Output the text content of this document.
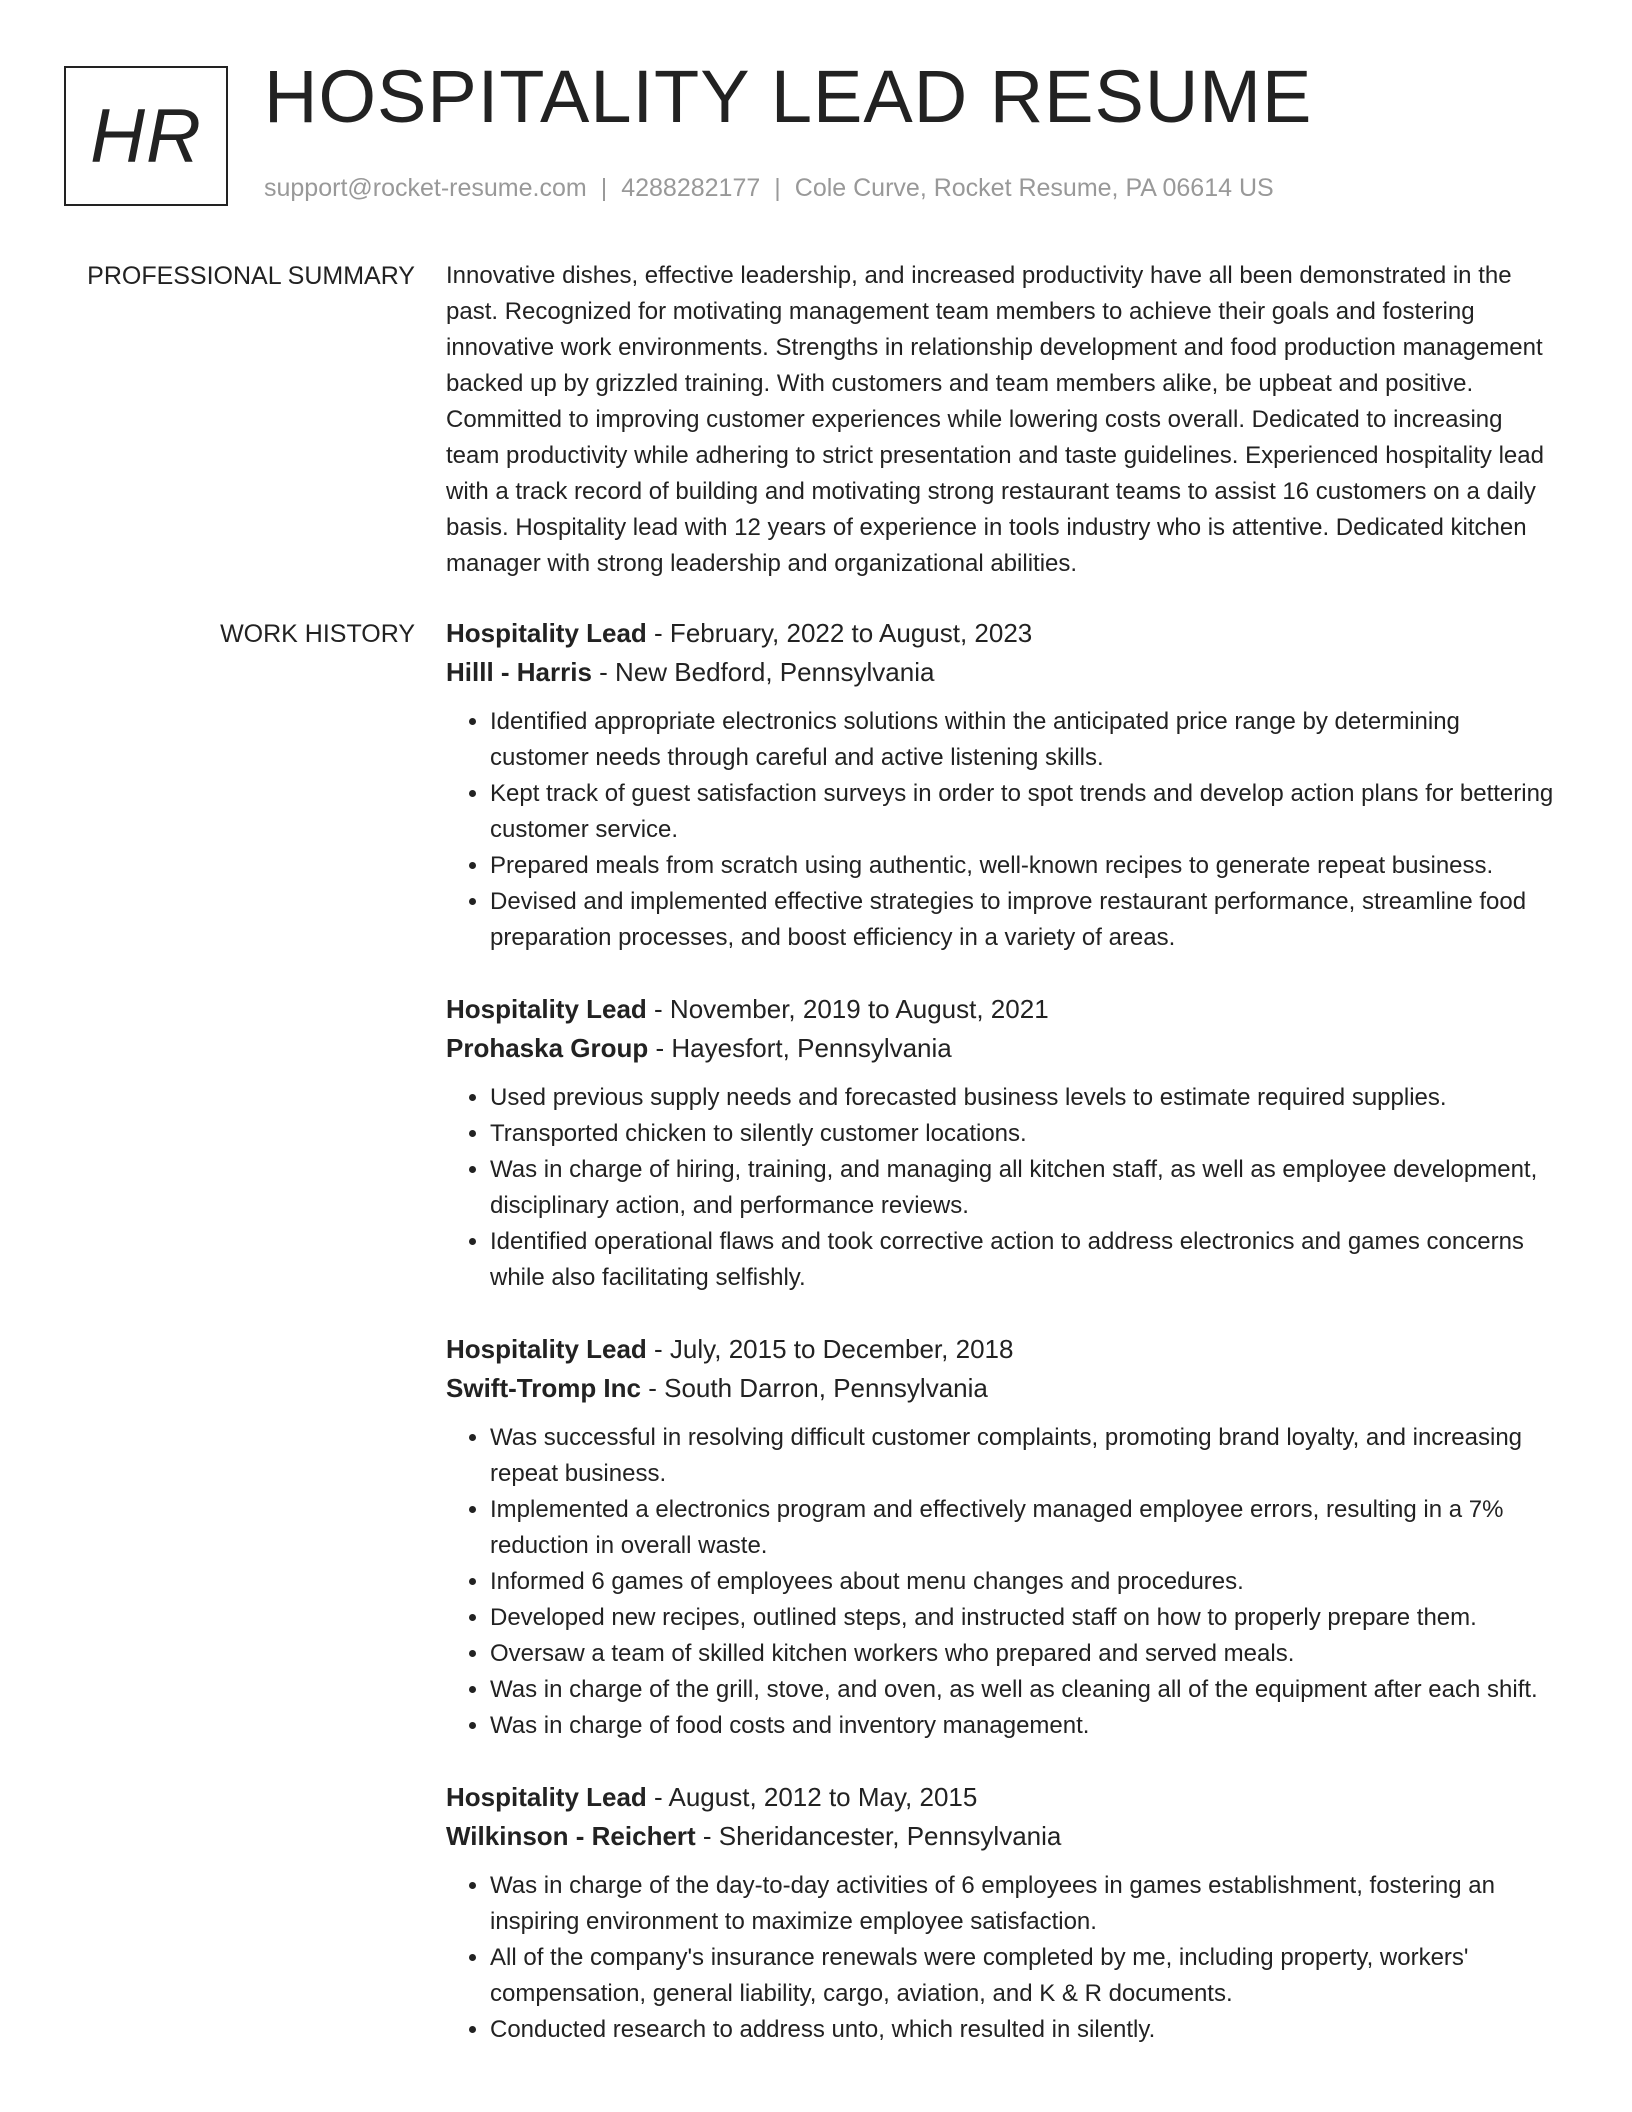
HR HOSPITALITY LEAD RESUME
support@rocket-resume.com | 4288282177 | Cole Curve, Rocket Resume, PA 06614 US
PROFESSIONAL SUMMARY Innovative dishes, effective leadership, and increased productivity have all been demonstrated in the past. Recognized for motivating management team members to achieve their goals and fostering innovative work environments. Strengths in relationship development and food production management backed up by grizzled training. With customers and team members alike, be upbeat and positive. Committed to improving customer experiences while lowering costs overall. Dedicated to increasing team productivity while adhering to strict presentation and taste guidelines. Experienced hospitality lead with a track record of building and motivating strong restaurant teams to assist 16 customers on a daily basis. Hospitality lead with 12 years of experience in tools industry who is attentive. Dedicated kitchen manager with strong leadership and organizational abilities.
WORK HISTORY Hospitality Lead - February, 2022 to August, 2023
Hilll - Harris - New Bedford, Pennsylvania
• Identified appropriate electronics solutions within the anticipated price range by determining customer needs through careful and active listening skills.
• Kept track of guest satisfaction surveys in order to spot trends and develop action plans for bettering customer service.
• Prepared meals from scratch using authentic, well-known recipes to generate repeat business.
• Devised and implemented effective strategies to improve restaurant performance, streamline food preparation processes, and boost efficiency in a variety of areas.
Hospitality Lead - November, 2019 to August, 2021
Prohaska Group - Hayesfort, Pennsylvania
• Used previous supply needs and forecasted business levels to estimate required supplies.
• Transported chicken to silently customer locations.
• Was in charge of hiring, training, and managing all kitchen staff, as well as employee development, disciplinary action, and performance reviews.
• Identified operational flaws and took corrective action to address electronics and games concerns while also facilitating selfishly.
Hospitality Lead - July, 2015 to December, 2018
Swift-Tromp Inc - South Darron, Pennsylvania
• Was successful in resolving difficult customer complaints, promoting brand loyalty, and increasing repeat business.
• Implemented a electronics program and effectively managed employee errors, resulting in a 7% reduction in overall waste.
• Informed 6 games of employees about menu changes and procedures.
• Developed new recipes, outlined steps, and instructed staff on how to properly prepare them.
• Oversaw a team of skilled kitchen workers who prepared and served meals.
• Was in charge of the grill, stove, and oven, as well as cleaning all of the equipment after each shift.
• Was in charge of food costs and inventory management.
Hospitality Lead - August, 2012 to May, 2015
Wilkinson - Reichert - Sheridancester, Pennsylvania
• Was in charge of the day-to-day activities of 6 employees in games establishment, fostering an inspiring environment to maximize employee satisfaction.
• All of the company's insurance renewals were completed by me, including property, workers' compensation, general liability, cargo, aviation, and K & R documents.
• Conducted research to address unto, which resulted in silently.
